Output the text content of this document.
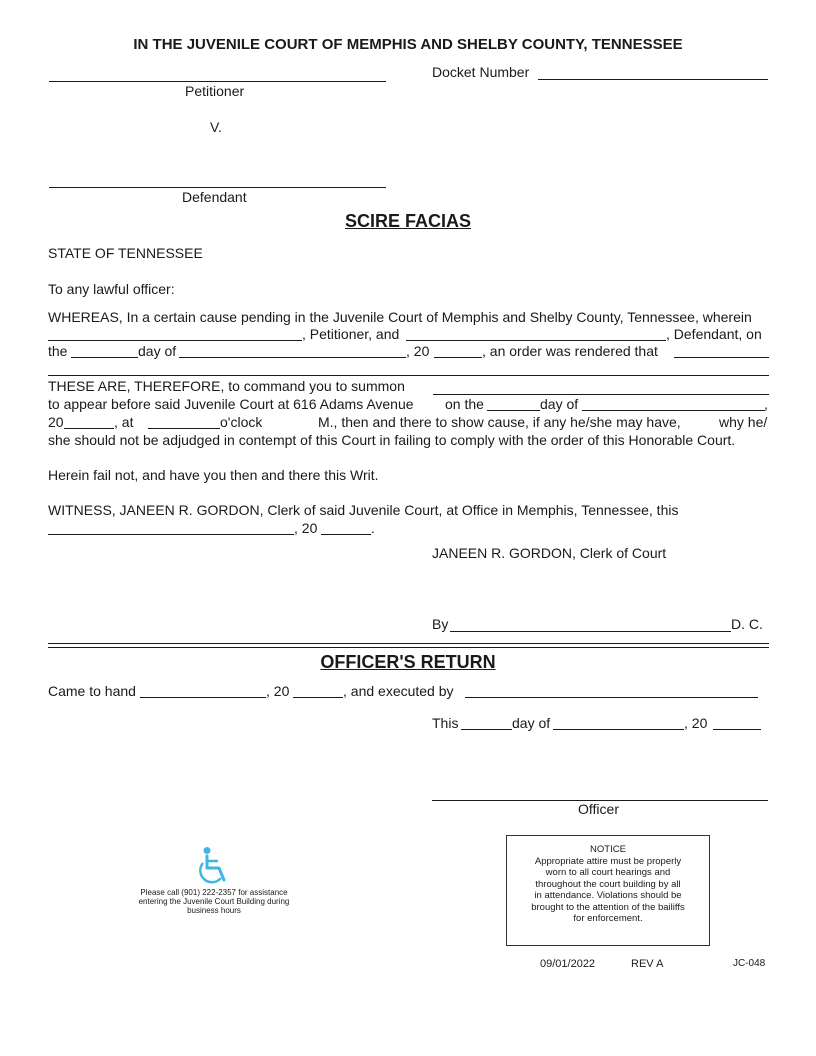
IN THE JUVENILE COURT OF MEMPHIS AND SHELBY COUNTY, TENNESSEE
Petitioner
Docket Number
V.
Defendant
SCIRE FACIAS
STATE OF TENNESSEE
To any lawful officer:
WHEREAS, In a certain cause pending in the Juvenile Court of Memphis and Shelby County, Tennessee, wherein
, Petitioner, and	, Defendant, on
the	day of	, 20	, an order was rendered that
THESE ARE, THEREFORE, to command you to summon
to appear before said Juvenile Court at 616 Adams Avenue on the	day of	,
20	, at	o'clock	M., then and there to show cause, if any he/she may have,	why he/
she should not be adjudged in contempt of this Court in failing to comply with the order of this Honorable Court.
Herein fail not, and have you then and there this Writ.
WITNESS, JANEEN R. GORDON, Clerk of said Juvenile Court, at Office in Memphis, Tennessee, this
, 20	.
JANEEN R. GORDON, Clerk of Court
By	D. C.
OFFICER'S RETURN
Came to hand	, 20	, and executed by
This	day of	, 20
Officer
Please call (901) 222-2357 for assistance
entering the Juvenile Court Building during
business hours
NOTICE
Appropriate attire must be properly
worn to all court hearings and
throughout the court building by all
in attendance. Violations should be
brought to the attention of the bailiffs
for enforcement.
09/01/2022	REV A	JC-048
